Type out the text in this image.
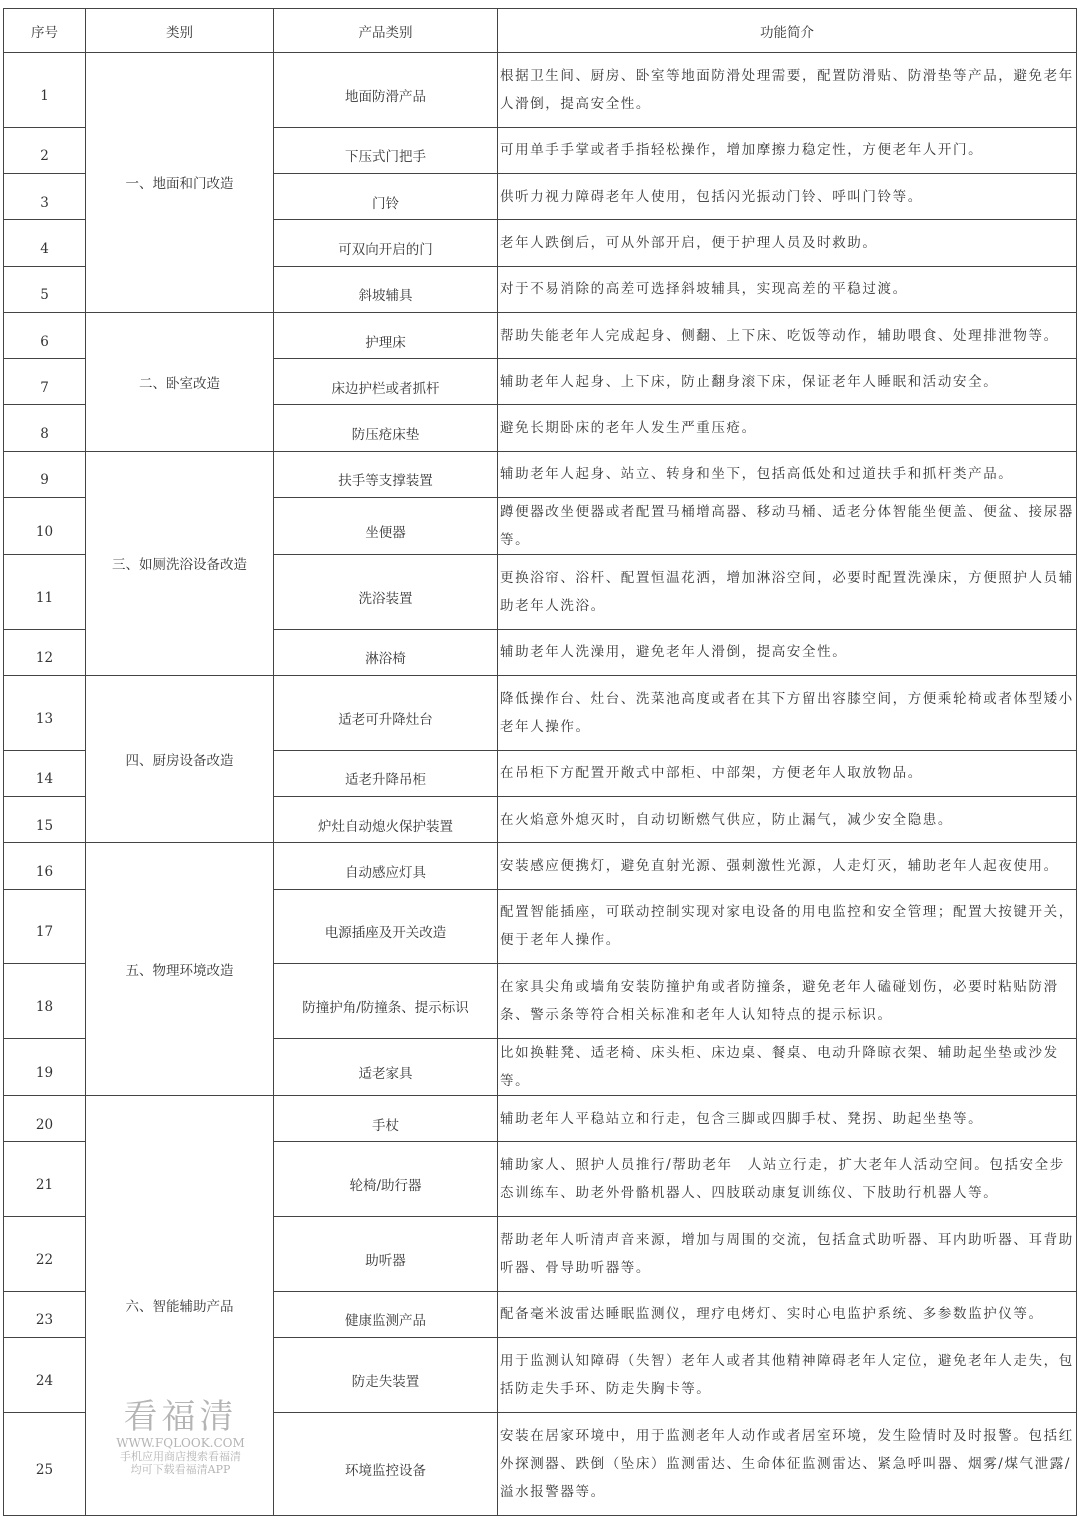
序号	类别	产品类别	功能简介
1	一、地面和门改造	地面防滑产品	根据卫生间、厨房、卧室等地面防滑处理需要，配置防滑贴、防滑垫等产品，避免老年人滑倒，提高安全性。
2		下压式门把手	可用单手手掌或者手指轻松操作，增加摩擦力稳定性，方便老年人开门。
3		门铃	供听力视力障碍老年人使用，包括闪光振动门铃、呼叫门铃等。
4		可双向开启的门	老年人跌倒后，可从外部开启，便于护理人员及时救助。
5		斜坡辅具	对于不易消除的高差可选择斜坡辅具，实现高差的平稳过渡。
6	二、卧室改造	护理床	帮助失能老年人完成起身、侧翻、上下床、吃饭等动作，辅助喂食、处理排泄物等。
7		床边护栏或者抓杆	辅助老年人起身、上下床，防止翻身滚下床，保证老年人睡眠和活动安全。
8		防压疮床垫	避免长期卧床的老年人发生严重压疮。
9	三、如厕洗浴设备改造	扶手等支撑装置	辅助老年人起身、站立、转身和坐下，包括高低处和过道扶手和抓杆类产品。
10		坐便器	蹲便器改坐便器或者配置马桶增高器、移动马桶、适老分体智能坐便盖、便盆、接尿器等。
11		洗浴装置	更换浴帘、浴杆、配置恒温花洒，增加淋浴空间，必要时配置洗澡床，方便照护人员辅助老年人洗浴。
12		淋浴椅	辅助老年人洗澡用，避免老年人滑倒，提高安全性。
13	四、厨房设备改造	适老可升降灶台	降低操作台、灶台、洗菜池高度或者在其下方留出容膝空间，方便乘轮椅或者体型矮小老年人操作。
14		适老升降吊柜	在吊柜下方配置开敞式中部柜、中部架，方便老年人取放物品。
15		炉灶自动熄火保护装置	在火焰意外熄灭时，自动切断燃气供应，防止漏气，减少安全隐患。
16	五、物理环境改造	自动感应灯具	安装感应便携灯，避免直射光源、强刺激性光源，人走灯灭，辅助老年人起夜使用。
17		电源插座及开关改造	配置智能插座，可联动控制实现对家电设备的用电监控和安全管理；配置大按键开关，便于老年人操作。
18		防撞护角/防撞条、提示标识	在家具尖角或墙角安装防撞护角或者防撞条，避免老年人磕碰划伤，必要时粘贴防滑条、警示条等符合相关标准和老年人认知特点的提示标识。
19		适老家具	比如换鞋凳、适老椅、床头柜、床边桌、餐桌、电动升降晾衣架、辅助起坐垫或沙发等。
20	六、智能辅助产品	手杖	辅助老年人平稳站立和行走，包含三脚或四脚手杖、凳拐、助起坐垫等。
21		轮椅/助行器	辅助家人、照护人员推行/帮助老年　人站立行走，扩大老年人活动空间。包括安全步态训练车、助老外骨骼机器人、四肢联动康复训练仪、下肢助行机器人等。
22		助听器	帮助老年人听清声音来源，增加与周围的交流，包括盒式助听器、耳内助听器、耳背助听器、骨导助听器等。
23		健康监测产品	配备毫米波雷达睡眠监测仪，理疗电烤灯、实时心电监护系统、多参数监护仪等。
24		防走失装置	用于监测认知障碍（失智）老年人或者其他精神障碍老年人定位，避免老年人走失，包括防走失手环、防走失胸卡等。
25		环境监控设备	安装在居家环境中，用于监测老年人动作或者居室环境，发生险情时及时报警。包括红外探测器、跌倒（坠床）监测雷达、生命体征监测雷达、紧急呼叫器、烟雾/煤气泄露/溢水报警器等。
看福清
WWW.FQLOOK.COM
手机应用商店搜索看福清
均可下载看福清APP
